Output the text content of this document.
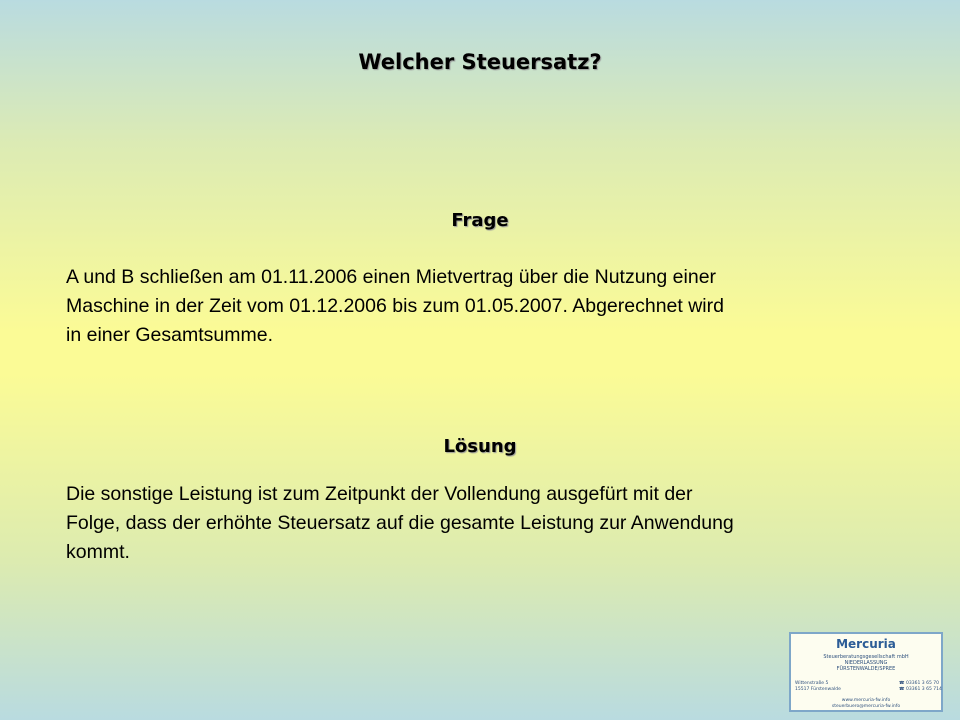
Welcher Steuersatz?
Frage
A und B schließen am 01.11.2006 einen Mietvertrag über die Nutzung einer
Maschine in der Zeit vom 01.12.2006 bis zum 01.05.2007. Abgerechnet wird
in einer Gesamtsumme.
Lösung
Die sonstige Leistung ist zum Zeitpunkt der Vollendung ausgefürt mit der
Folge, dass der erhöhte Steuersatz auf die gesamte Leistung zur Anwendung
kommt.
Mercuria
Steuerberatungsgesellschaft mbH
NIEDERLASSUNG
FÜRSTENWALDE/SPREE
Wittenstraße 5
15517 Fürstenwalde
☎ 03361 3 65 70
☎ 03361 3 65 714
www.mercuria-fw.info
steuerbuero@mercuria-fw.info
